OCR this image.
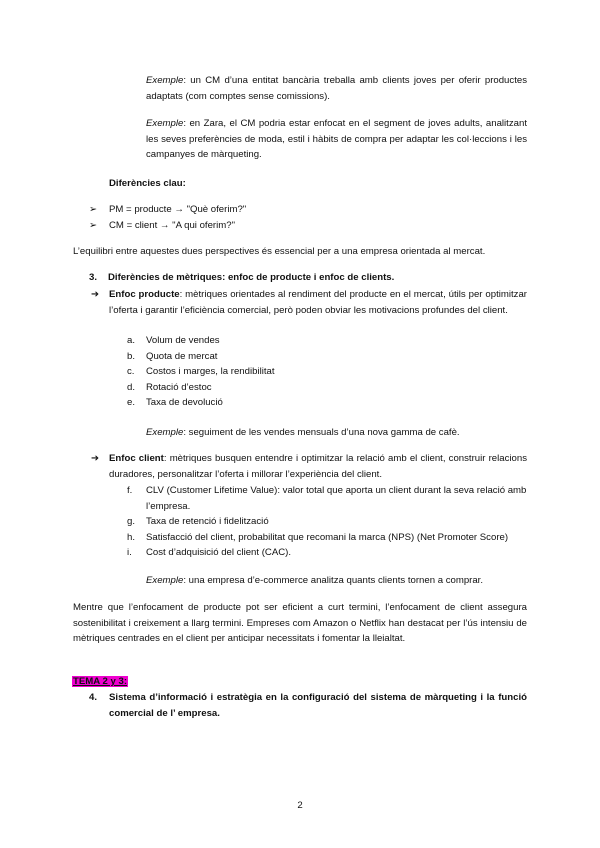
Exemple: un CM d’una entitat bancària treballa amb clients joves per oferir productes adaptats (com comptes sense comissions).
Exemple: en Zara, el CM podria estar enfocat en el segment de joves adults, analitzant les seves preferències de moda, estil i hàbits de compra per adaptar les col·leccions i les campanyes de màrqueting.
Diferències clau:
➢ PM = producte → "Què oferim?"
➢ CM = client → "A qui oferim?"
L’equilibri entre aquestes dues perspectives és essencial per a una empresa orientada al mercat.
3. Diferències de mètriques: enfoc de producte i enfoc de clients.
➔ Enfoc producte: mètriques orientades al rendiment del producte en el mercat, útils per optimitzar l’oferta i garantir l’eficiència comercial, però poden obviar les motivacions profundes del client.
a. Volum de vendes
b. Quota de mercat
c. Costos i marges, la rendibilitat
d. Rotació d’estoc
e. Taxa de devolució
Exemple: seguiment de les vendes mensuals d’una nova gamma de cafè.
➔ Enfoc client: mètriques busquen entendre i optimitzar la relació amb el client, construir relacions duradores, personalitzar l’oferta i millorar l’experiència del client.
f.	CLV (Customer Lifetime Value): valor total que aporta un client durant la seva relació amb l’empresa.
g.	Taxa de retenció i fidelització
h.	Satisfacció del client, probabilitat que recomani la marca (NPS) (Net Promoter Score)
i.	Cost d’adquisició del client (CAC).
Exemple: una empresa d’e-commerce analitza quants clients tornen a comprar.
Mentre que l’enfocament de producte pot ser eficient a curt termini, l’enfocament de client assegura sostenibilitat i creixement a llarg termini. Empreses com Amazon o Netflix han destacat per l’ús intensiu de mètriques centrades en el client per anticipar necessitats i fomentar la lleialtat.
TEMA 2 y 3:
4. Sistema d’informació i estratègia en la configuració del sistema de màrqueting i la funció comercial de l’ empresa.
2
